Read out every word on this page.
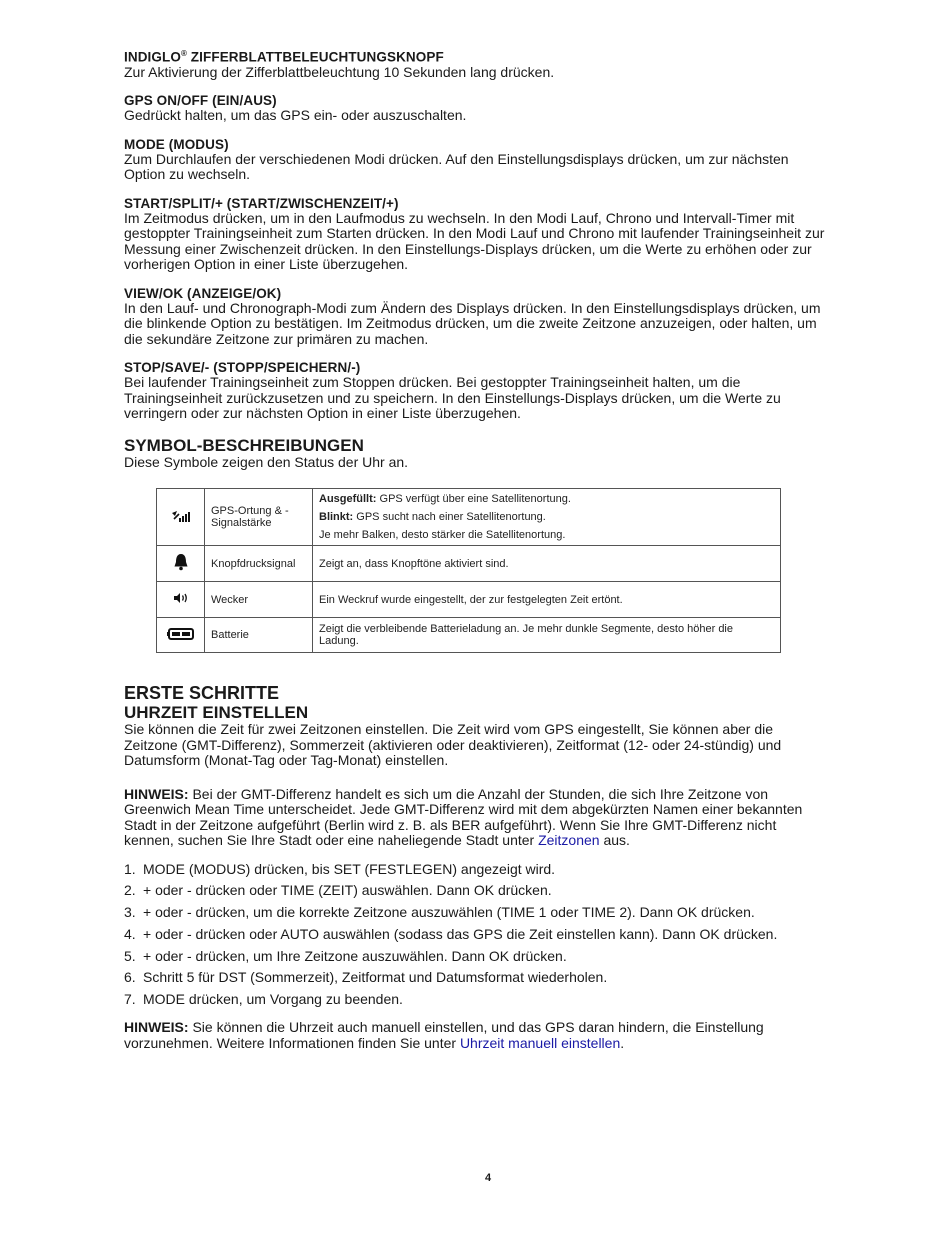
INDIGLO® ZIFFERBLATTBELEUCHTUNGSKNOPF
Zur Aktivierung der Zifferblattbeleuchtung 10 Sekunden lang drücken.
GPS ON/OFF (EIN/AUS)
Gedrückt halten, um das GPS ein- oder auszuschalten.
MODE (MODUS)
Zum Durchlaufen der verschiedenen Modi drücken. Auf den Einstellungsdisplays drücken, um zur nächsten Option zu wechseln.
START/SPLIT/+ (START/ZWISCHENZEIT/+)
Im Zeitmodus drücken, um in den Laufmodus zu wechseln. In den Modi Lauf, Chrono und Intervall-Timer mit gestoppter Trainingseinheit zum Starten drücken. In den Modi Lauf und Chrono mit laufender Trainingseinheit zur Messung einer Zwischenzeit drücken. In den Einstellungs-Displays drücken, um die Werte zu erhöhen oder zur vorherigen Option in einer Liste überzugehen.
VIEW/OK (ANZEIGE/OK)
In den Lauf- und Chronograph-Modi zum Ändern des Displays drücken. In den Einstellungsdisplays drücken, um die blinkende Option zu bestätigen. Im Zeitmodus drücken, um die zweite Zeitzone anzuzeigen, oder halten, um die sekundäre Zeitzone zur primären zu machen.
STOP/SAVE/- (STOPP/SPEICHERN/-)
Bei laufender Trainingseinheit zum Stoppen drücken. Bei gestoppter Trainingseinheit halten, um die Trainingseinheit zurückzusetzen und zu speichern. In den Einstellungs-Displays drücken, um die Werte zu verringern oder zur nächsten Option in einer Liste überzugehen.
SYMBOL-BESCHREIBUNGEN
Diese Symbole zeigen den Status der Uhr an.
	GPS-Ortung & -Signalstärke	Ausgefüllt: GPS verfügt über eine Satellitenortung.
Blinkt: GPS sucht nach einer Satellitenortung.
Je mehr Balken, desto stärker die Satellitenortung.

	Knopfdrucksignal	Zeigt an, dass Knopftöne aktiviert sind.
	Wecker	Ein Weckruf wurde eingestellt, der zur festgelegten Zeit ertönt.
	Batterie	Zeigt die verbleibende Batterieladung an. Je mehr dunkle Segmente, desto höher die Ladung.
ERSTE SCHRITTE
UHRZEIT EINSTELLEN
Sie können die Zeit für zwei Zeitzonen einstellen. Die Zeit wird vom GPS eingestellt, Sie können aber die Zeitzone (GMT-Differenz), Sommerzeit (aktivieren oder deaktivieren), Zeitformat (12- oder 24-stündig) und Datumsform (Monat-Tag oder Tag-Monat) einstellen.
HINWEIS: Bei der GMT-Differenz handelt es sich um die Anzahl der Stunden, die sich Ihre Zeitzone von Greenwich Mean Time unterscheidet. Jede GMT-Differenz wird mit dem abgekürzten Namen einer bekannten Stadt in der Zeitzone aufgeführt (Berlin wird z. B. als BER aufgeführt). Wenn Sie Ihre GMT-Differenz nicht kennen, suchen Sie Ihre Stadt oder eine naheliegende Stadt unter Zeitzonen aus.
1. MODE (MODUS) drücken, bis SET (FESTLEGEN) angezeigt wird.
2. + oder - drücken oder TIME (ZEIT) auswählen. Dann OK drücken.
3. + oder - drücken, um die korrekte Zeitzone auszuwählen (TIME 1 oder TIME 2). Dann OK drücken.
4. + oder - drücken oder AUTO auswählen (sodass das GPS die Zeit einstellen kann). Dann OK drücken.
5. + oder - drücken, um Ihre Zeitzone auszuwählen. Dann OK drücken.
6. Schritt 5 für DST (Sommerzeit), Zeitformat und Datumsformat wiederholen.
7. MODE drücken, um Vorgang zu beenden.
HINWEIS: Sie können die Uhrzeit auch manuell einstellen, und das GPS daran hindern, die Einstellung vorzunehmen. Weitere Informationen finden Sie unter Uhrzeit manuell einstellen.
4
